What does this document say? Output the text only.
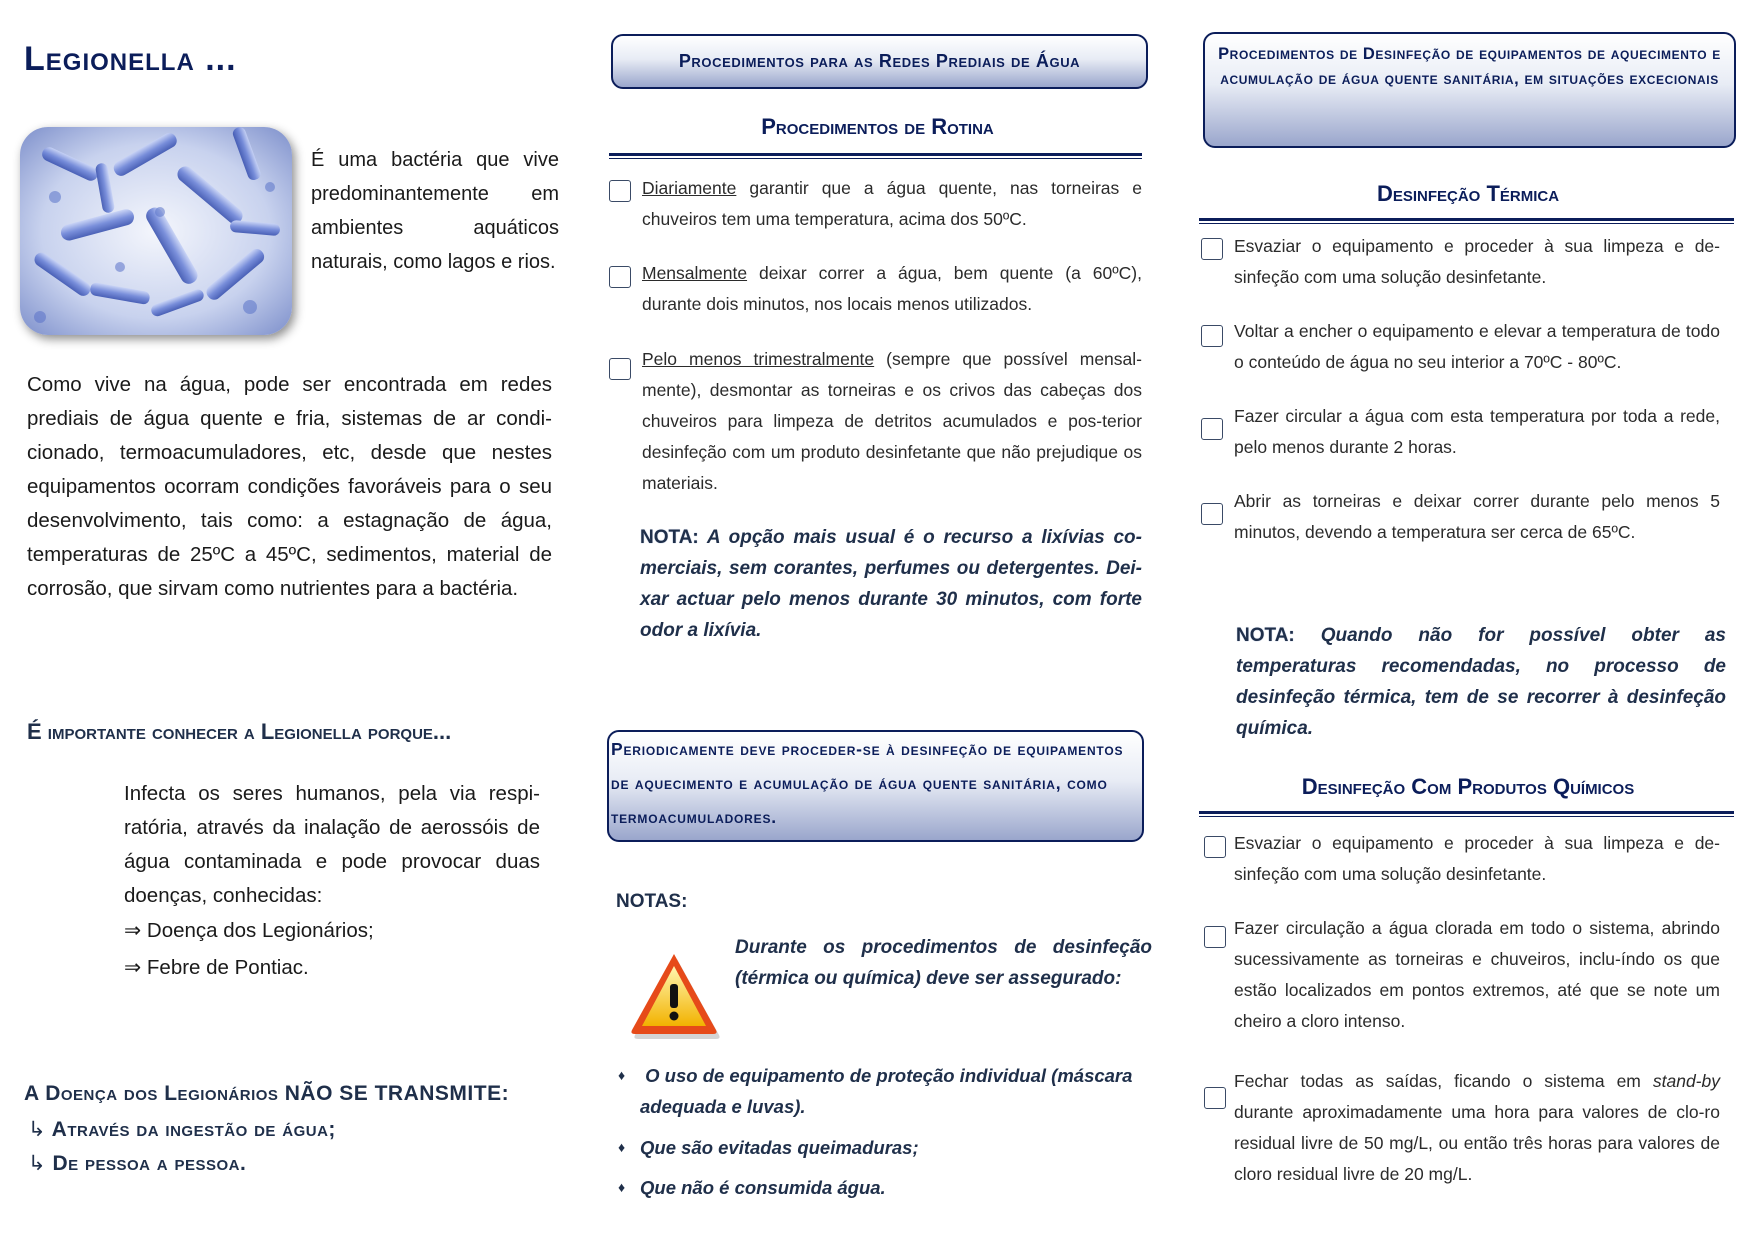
Legionella ...
É uma bactéria que vive predominantemente em ambientes aquáticos naturais, como lagos e rios.
Como vive na água, pode ser encontrada em redes prediais de água quente e fria, sistemas de ar condi-cionado, termoacumuladores, etc, desde que nestes equipamentos ocorram condições favoráveis para o seu desenvolvimento, tais como: a estagnação de água, temperaturas de 25ºC a 45ºC, sedimentos, material de corrosão, que sirvam como nutrientes para a bactéria.
É importante conhecer a Legionella porque...
Infecta os seres humanos, pela via respi-ratória, através da inalação de aerossóis de água contaminada e pode provocar duas doenças, conhecidas:
⇒ Doença dos Legionários;
⇒ Febre de Pontiac.
A Doença dos Legionários NÃO SE TRANSMITE:
↳ Através da ingestão de água;
↳ De pessoa a pessoa.
Procedimentos para as Redes Prediais de Água
Procedimentos de Rotina
Diariamente garantir que a água quente, nas torneiras e chuveiros tem uma temperatura, acima dos 50ºC.
Mensalmente deixar correr a água, bem quente (a 60ºC), durante dois minutos, nos locais menos utilizados.
Pelo menos trimestralmente (sempre que possível mensal-mente), desmontar as torneiras e os crivos das cabeças dos chuveiros para limpeza de detritos acumulados e pos-terior desinfeção com um produto desinfetante que não prejudique os materiais.
NOTA: A opção mais usual é o recurso a lixívias co-merciais, sem corantes, perfumes ou detergentes. Dei-xar actuar pelo menos durante 30 minutos, com forte odor a lixívia.
Periodicamente deve proceder-se à desinfeção de equipamentos de aquecimento e acumulação de água quente sanitária, como termoacumuladores.
NOTAS:
Durante os procedimentos de desinfeção (térmica ou química) deve ser assegurado:
♦ O uso de equipamento de proteção individual (máscara adequada e luvas).
♦ Que são evitadas queimaduras;
♦ Que não é consumida água.
Procedimentos de Desinfeção de equipamentos de aquecimento e acumulação de água quente sanitária, em situações excecionais
Desinfeção Térmica
Esvaziar o equipamento e proceder à sua limpeza e de-sinfeção com uma solução desinfetante.
Voltar a encher o equipamento e elevar a temperatura de todo o conteúdo de água no seu interior a 70ºC - 80ºC.
Fazer circular a água com esta temperatura por toda a rede, pelo menos durante 2 horas.
Abrir as torneiras e deixar correr durante pelo menos 5 minutos, devendo a temperatura ser cerca de 65ºC.
NOTA: Quando não for possível obter as temperaturas recomendadas, no processo de desinfeção térmica, tem de se recorrer à desinfeção química.
Desinfeção Com Produtos Químicos
Esvaziar o equipamento e proceder à sua limpeza e de-sinfeção com uma solução desinfetante.
Fazer circulação a água clorada em todo o sistema, abrindo sucessivamente as torneiras e chuveiros, inclu-índo os que estão localizados em pontos extremos, até que se note um cheiro a cloro intenso.
Fechar todas as saídas, ficando o sistema em stand-by durante aproximadamente uma hora para valores de clo-ro residual livre de 50 mg/L, ou então três horas para valores de cloro residual livre de 20 mg/L.
